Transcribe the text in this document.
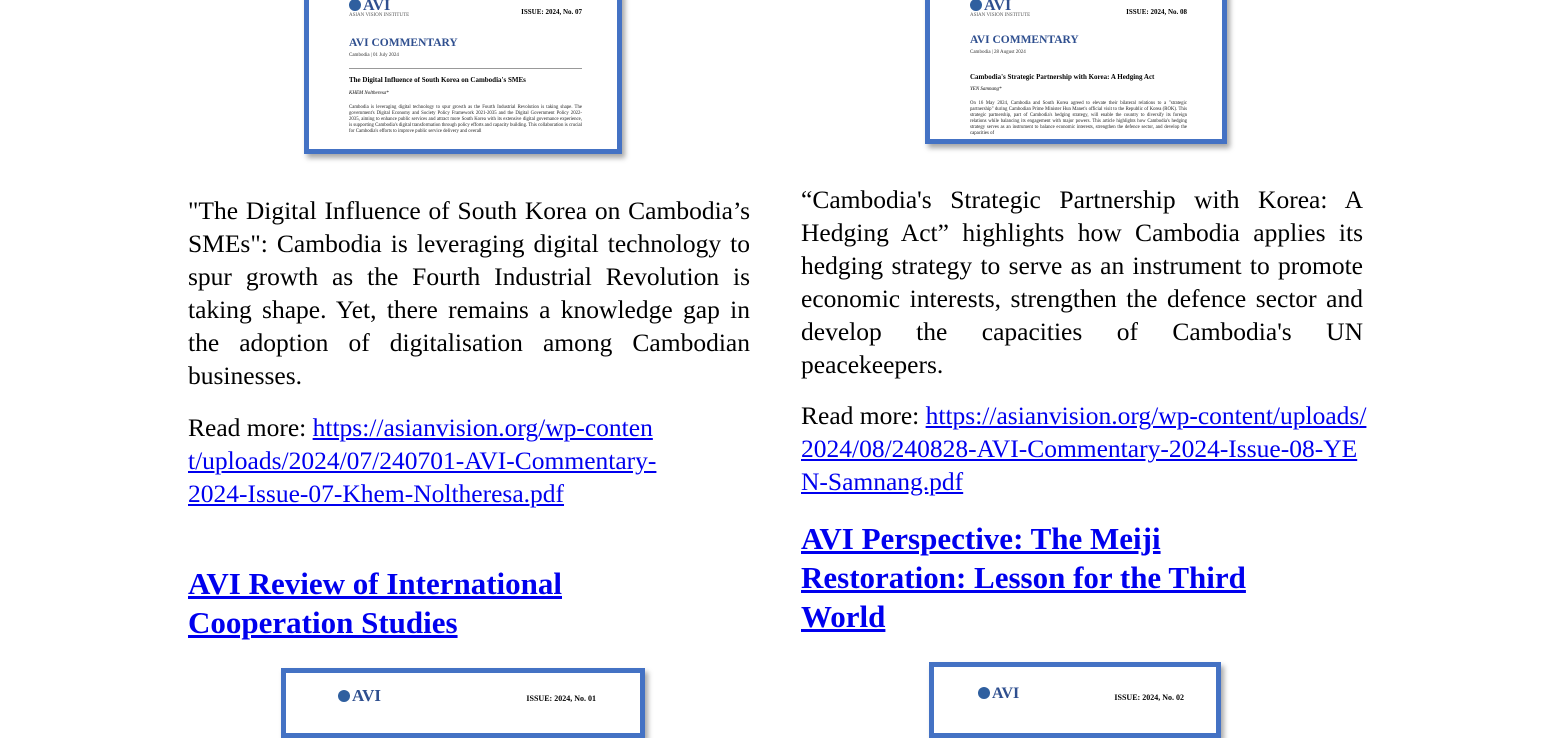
AVI
ASIAN VISION INSTITUTE	ISSUE: 2024, No. 07
AVI COMMENTARY
Cambodia | 01 July 2024
The Digital Influence of South Korea on Cambodia's SMEs
KHEM Noltheresa*
Cambodia is leveraging digital technology to spur growth as the Fourth Industrial Revolution is taking shape. The government's Digital Economy and Society Policy Framework 2021-2035 and the Digital Government Policy 2022-2035, aiming to enhance public services and attract more South Korea with its extensive digital governance experience, is supporting Cambodia's digital transformation through policy efforts and capacity building. This collaboration is crucial for Cambodia's efforts to improve public service delivery and overall
AVI
ASIAN VISION INSTITUTE	ISSUE: 2024, No. 08
AVI COMMENTARY
Cambodia | 28 August 2024
Cambodia's Strategic Partnership with Korea: A Hedging Act
YEN Samnang*
On 16 May 2024, Cambodia and South Korea agreed to elevate their bilateral relations to a "strategic partnership" during Cambodian Prime Minister Hun Manet's official visit to the Republic of Korea (ROK). This strategic partnership, part of Cambodia's hedging strategy, will enable the country to diversify its foreign relations while balancing its engagement with major powers. This article highlights how Cambodia's hedging strategy serves as an instrument to balance economic interests, strengthen the defence sector, and develop the capacities of

"The Digital Influence of South Korea on Cambodia’s SMEs": Cambodia is leveraging digital technology to spur growth as the Fourth Industrial Revolution is taking shape. Yet, there remains a knowledge gap in the adoption of digitalisation among Cambodian businesses.

Read more: https://asianvision.org/wp-content/uploads/2024/07/240701-AVI-Commentary-2024-Issue-07-Khem-Noltheresa.pdf

AVI Review of International Cooperation Studies

“Cambodia's Strategic Partnership with Korea: A Hedging Act” highlights how Cambodia applies its hedging strategy to serve as an instrument to promote economic interests, strengthen the defence sector and develop the capacities of Cambodia's UN peacekeepers.

Read more: https://asianvision.org/wp-content/uploads/2024/08/240828-AVI-Commentary-2024-Issue-08-YEN-Samnang.pdf

AVI Perspective: The Meiji Restoration: Lesson for the Third World
AVI	ISSUE: 2024, No. 01	AVI	ISSUE: 2024, No. 02
